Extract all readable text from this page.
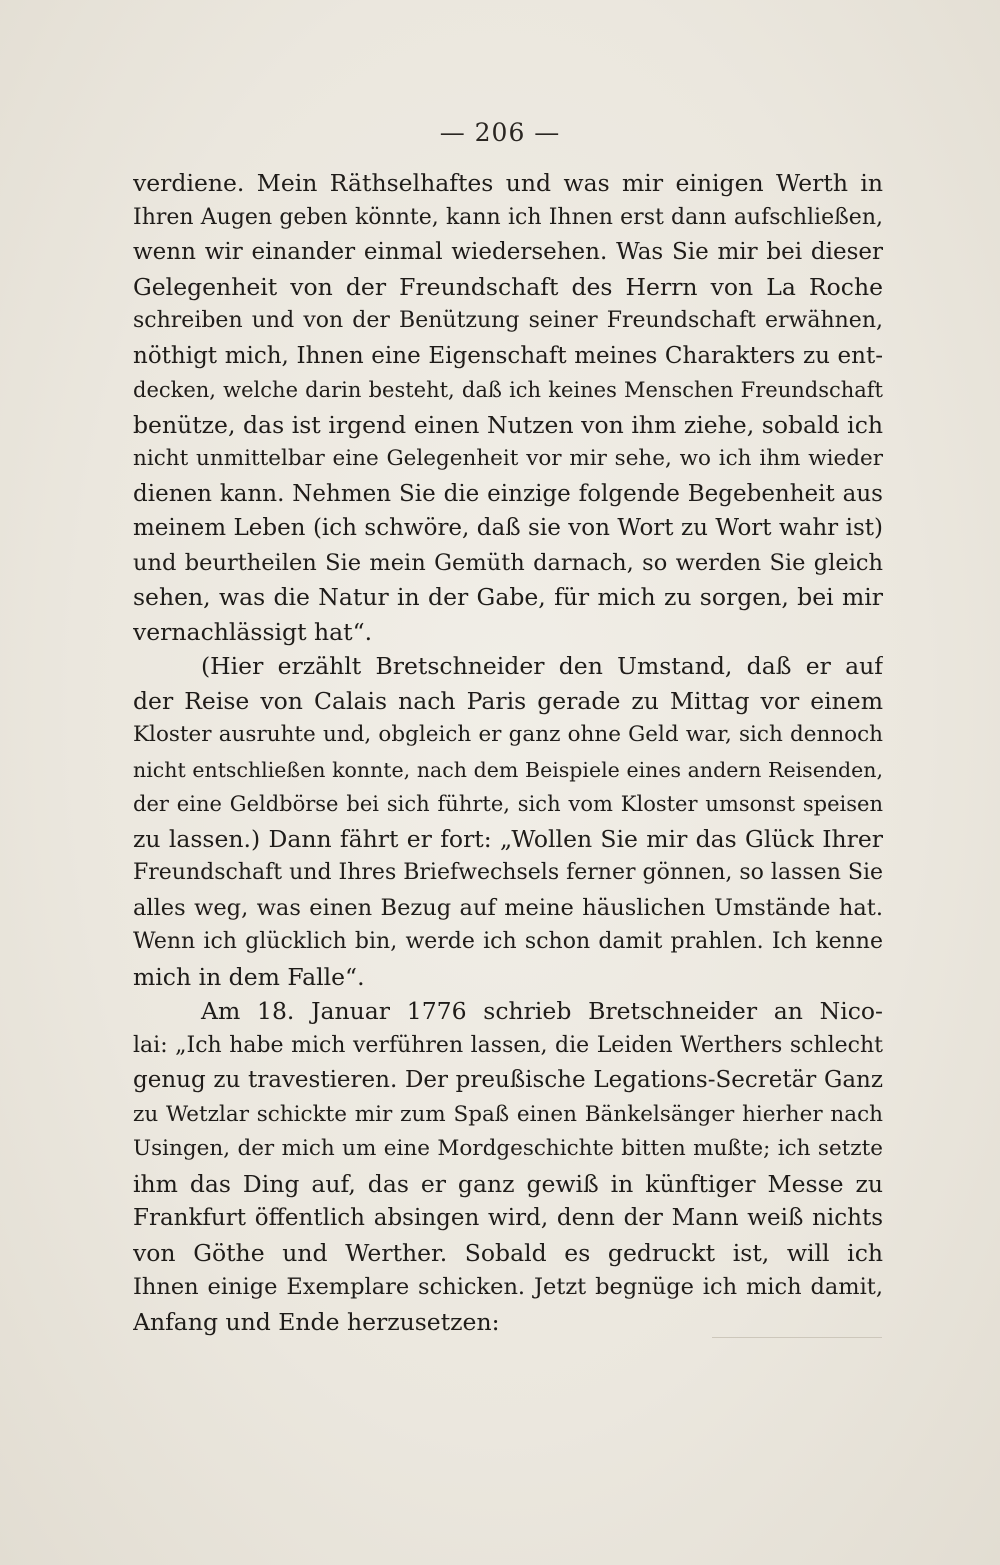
— 206 —
verdiene. Mein Räthselhaftes und was mir einigen Werth in
Ihren Augen geben könnte, kann ich Ihnen erst dann aufschließen,
wenn wir einander einmal wiedersehen. Was Sie mir bei dieser
Gelegenheit von der Freundschaft des Herrn von La Roche
schreiben und von der Benützung seiner Freundschaft erwähnen,
nöthigt mich, Ihnen eine Eigenschaft meines Charakters zu ent-
decken, welche darin besteht, daß ich keines Menschen Freundschaft
benütze, das ist irgend einen Nutzen von ihm ziehe, sobald ich
nicht unmittelbar eine Gelegenheit vor mir sehe, wo ich ihm wieder
dienen kann. Nehmen Sie die einzige folgende Begebenheit aus
meinem Leben (ich schwöre, daß sie von Wort zu Wort wahr ist)
und beurtheilen Sie mein Gemüth darnach, so werden Sie gleich
sehen, was die Natur in der Gabe, für mich zu sorgen, bei mir
vernachlässigt hat“.
(Hier erzählt Bretschneider den Umstand, daß er auf
der Reise von Calais nach Paris gerade zu Mittag vor einem
Kloster ausruhte und, obgleich er ganz ohne Geld war, sich dennoch
nicht entschließen konnte, nach dem Beispiele eines andern Reisenden,
der eine Geldbörse bei sich führte, sich vom Kloster umsonst speisen
zu lassen.) Dann fährt er fort: „Wollen Sie mir das Glück Ihrer
Freundschaft und Ihres Briefwechsels ferner gönnen, so lassen Sie
alles weg, was einen Bezug auf meine häuslichen Umstände hat.
Wenn ich glücklich bin, werde ich schon damit prahlen. Ich kenne
mich in dem Falle“.
Am 18. Januar 1776 schrieb Bretschneider an Nico-
lai: „Ich habe mich verführen lassen, die Leiden Werthers schlecht
genug zu travestieren. Der preußische Legations-Secretär Ganz
zu Wetzlar schickte mir zum Spaß einen Bänkelsänger hierher nach
Usingen, der mich um eine Mordgeschichte bitten mußte; ich setzte
ihm das Ding auf, das er ganz gewiß in künftiger Messe zu
Frankfurt öffentlich absingen wird, denn der Mann weiß nichts
von Göthe und Werther. Sobald es gedruckt ist, will ich
Ihnen einige Exemplare schicken. Jetzt begnüge ich mich damit,
Anfang und Ende herzusetzen:
